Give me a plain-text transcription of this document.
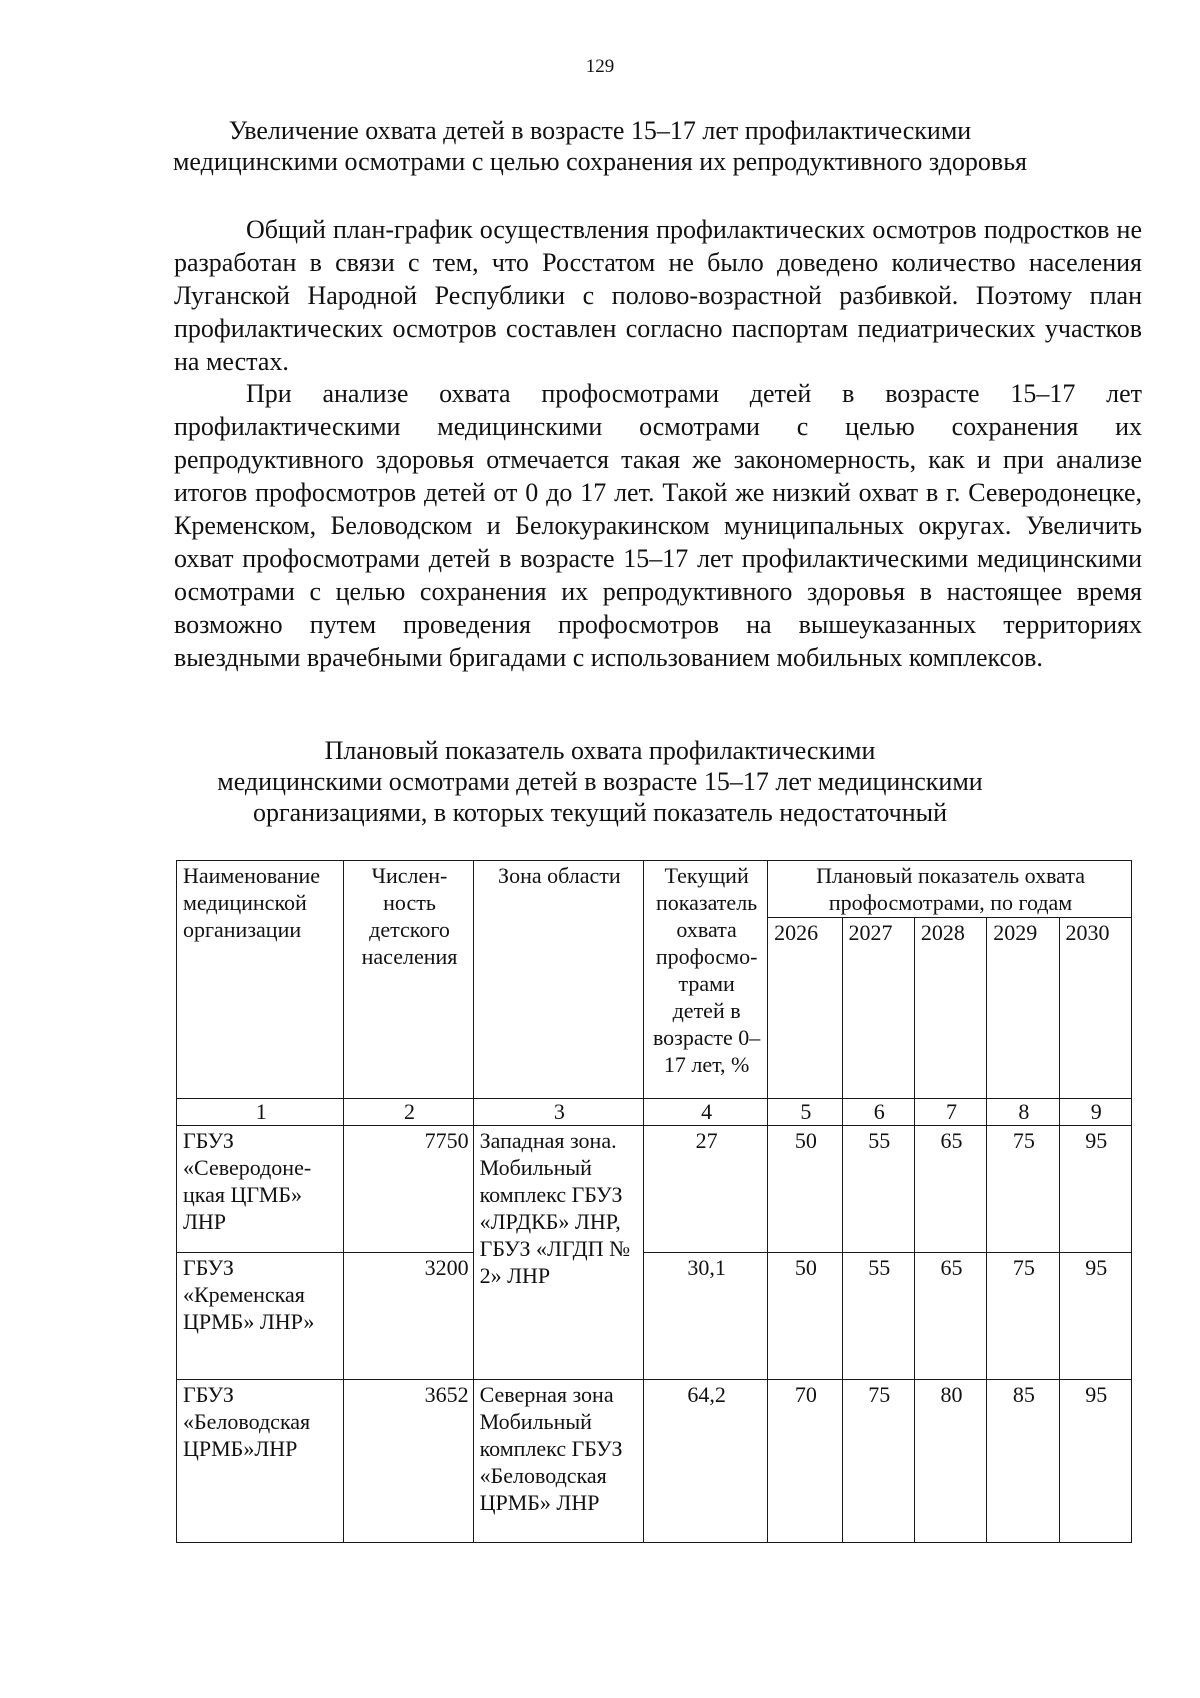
129
Увеличение охвата детей в возрасте 15–17 лет профилактическими
медицинскими осмотрами с целью сохранения их репродуктивного здоровья

Общий план-график осуществления профилактических осмотров подростков не разработан в связи с тем, что Росстатом не было доведено количество населения Луганской Народной Республики с полово-возрастной разбивкой. Поэтому план профилактических осмотров составлен согласно паспортам педиатрических участков на местах.

При анализе охвата профосмотрами детей в возрасте 15–17 лет профилактическими медицинскими осмотрами с целью сохранения их репродуктивного здоровья отмечается такая же закономерность, как и при анализе итогов профосмотров детей от 0 до 17 лет. Такой же низкий охват в г. Северодонецке, Кременском, Беловодском и Белокуракинском муниципальных округах. Увеличить охват профосмотрами детей в возрасте 15–17 лет профилактическими медицинскими осмотрами с целью сохранения их репродуктивного здоровья в настоящее время возможно путем проведения профосмотров на вышеуказанных территориях выездными врачебными бригадами с использованием мобильных комплексов.

Плановый показатель охвата профилактическими
медицинскими осмотрами детей в возрасте 15–17 лет медицинскими
организациями, в которых текущий показатель недостаточный
Наименование медицинской организации	Числен-ность детского населения	Зона области	Текущий показатель охвата профосмо-трами детей в возрасте 0–17 лет, %	Плановый показатель охвата профосмотрами, по годам				
				2026	2027	2028	2029	2030
1	2	3	4	5	6	7	8	9
ГБУЗ «Северодоне-цкая ЦГМБ» ЛНР	7750	Западная зона. Мобильный комплекс ГБУЗ «ЛРДКБ» ЛНР, ГБУЗ «ЛГДП № 2» ЛНР	27	50	55	65	75	95
ГБУЗ «Кременская ЦРМБ» ЛНР»	3200		30,1	50	55	65	75	95
ГБУЗ «Беловодская ЦРМБ»ЛНР	3652	Северная зона Мобильный комплекс ГБУЗ «Беловодская ЦРМБ» ЛНР	64,2	70	75	80	85	95
